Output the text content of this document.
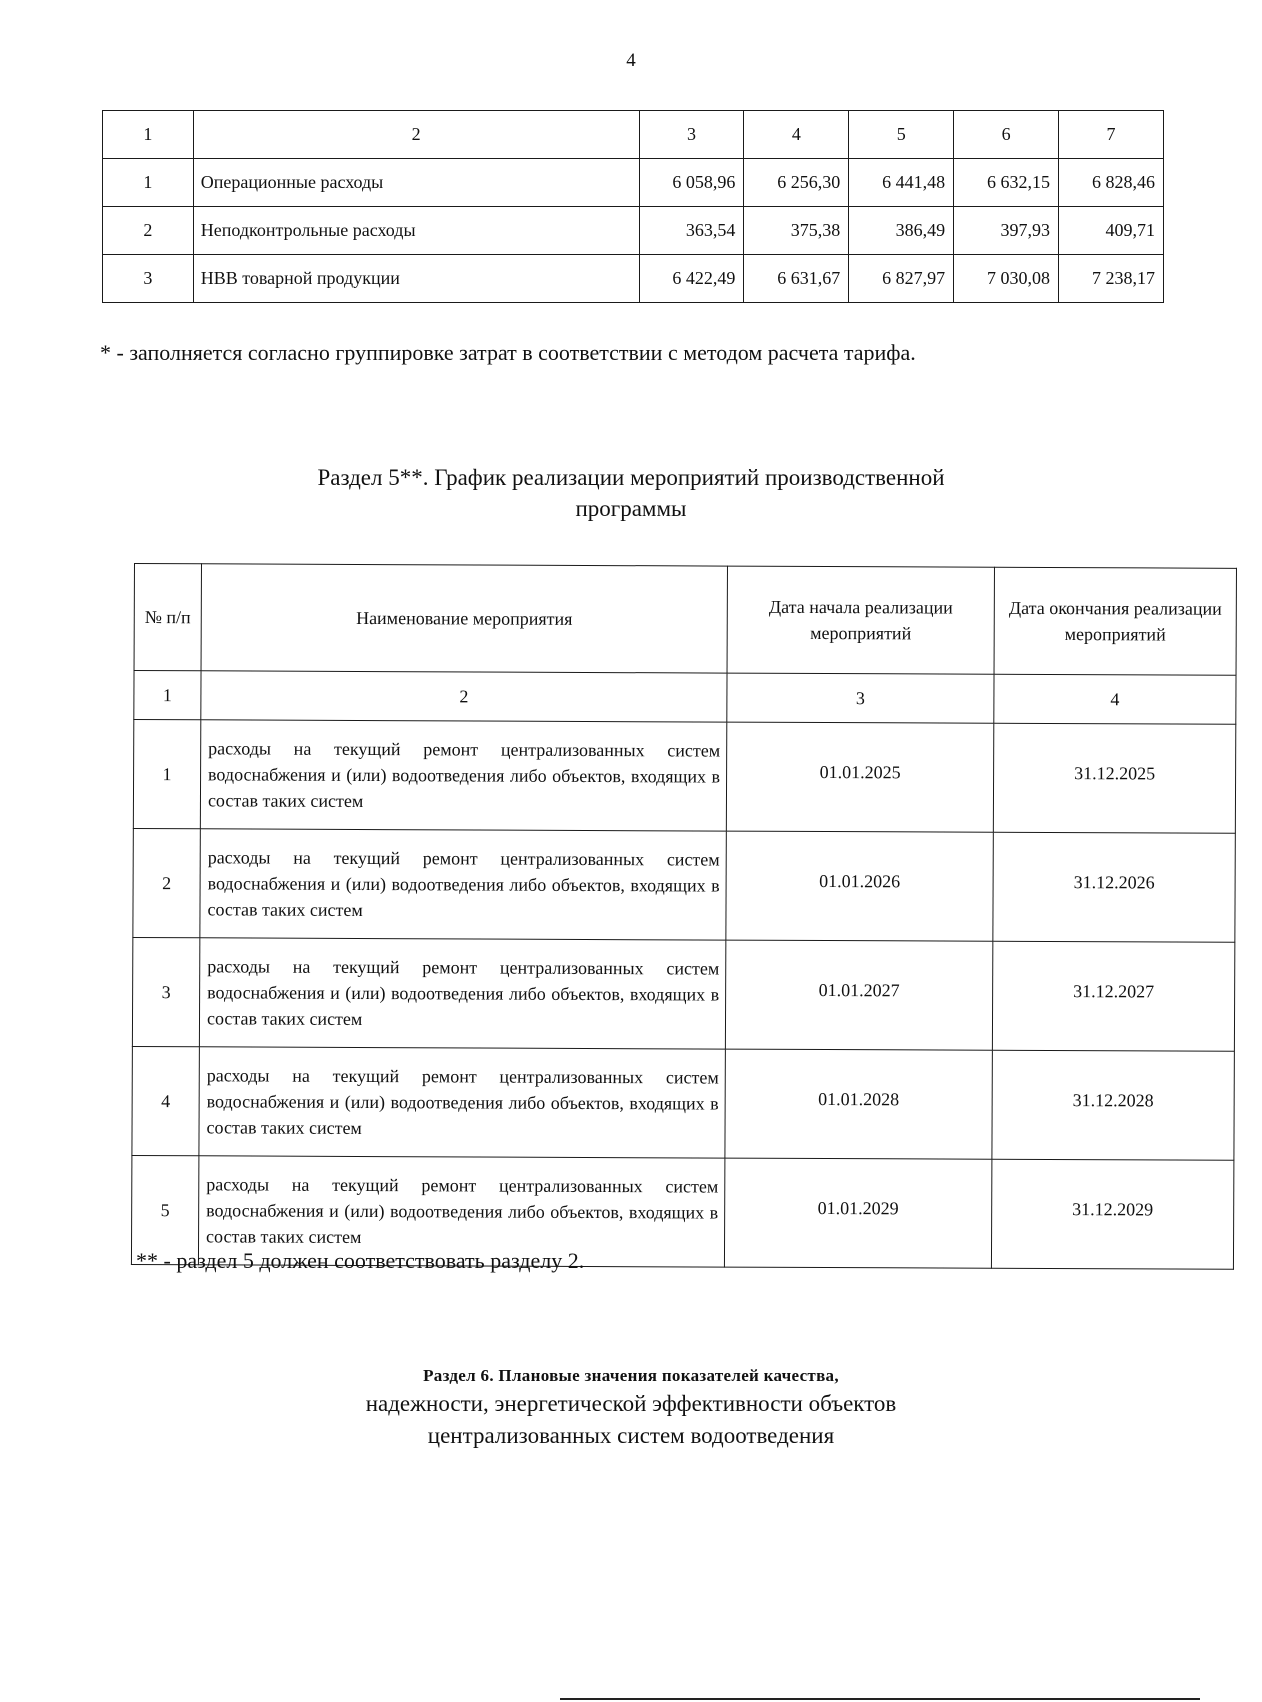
4
1	2	3	4	5	6	7
1	Операционные расходы	6 058,96	6 256,30	6 441,48	6 632,15	6 828,46
2	Неподконтрольные расходы	363,54	375,38	386,49	397,93	409,71
3	НВВ товарной продукции	6 422,49	6 631,67	6 827,97	7 030,08	7 238,17
* - заполняется согласно группировке затрат в соответствии с методом расчета тарифа.
Раздел 5**. График реализации мероприятий производственной
программы
№ п/п	Наименование мероприятия	Дата начала реализации мероприятий	Дата окончания реализации мероприятий
1	2	3	4
1	расходы на текущий ремонт централизованных систем водоснабжения и (или) водоотведения либо объектов, входящих в состав таких систем	01.01.2025	31.12.2025
2	расходы на текущий ремонт централизованных систем водоснабжения и (или) водоотведения либо объектов, входящих в состав таких систем	01.01.2026	31.12.2026
3	расходы на текущий ремонт централизованных систем водоснабжения и (или) водоотведения либо объектов, входящих в состав таких систем	01.01.2027	31.12.2027
4	расходы на текущий ремонт централизованных систем водоснабжения и (или) водоотведения либо объектов, входящих в состав таких систем	01.01.2028	31.12.2028
5	расходы на текущий ремонт централизованных систем водоснабжения и (или) водоотведения либо объектов, входящих в состав таких систем	01.01.2029	31.12.2029
** - раздел 5 должен соответствовать разделу 2.
Раздел 6. Плановые значения показателей качества,
надежности, энергетической эффективности объектов
централизованных систем водоотведения
